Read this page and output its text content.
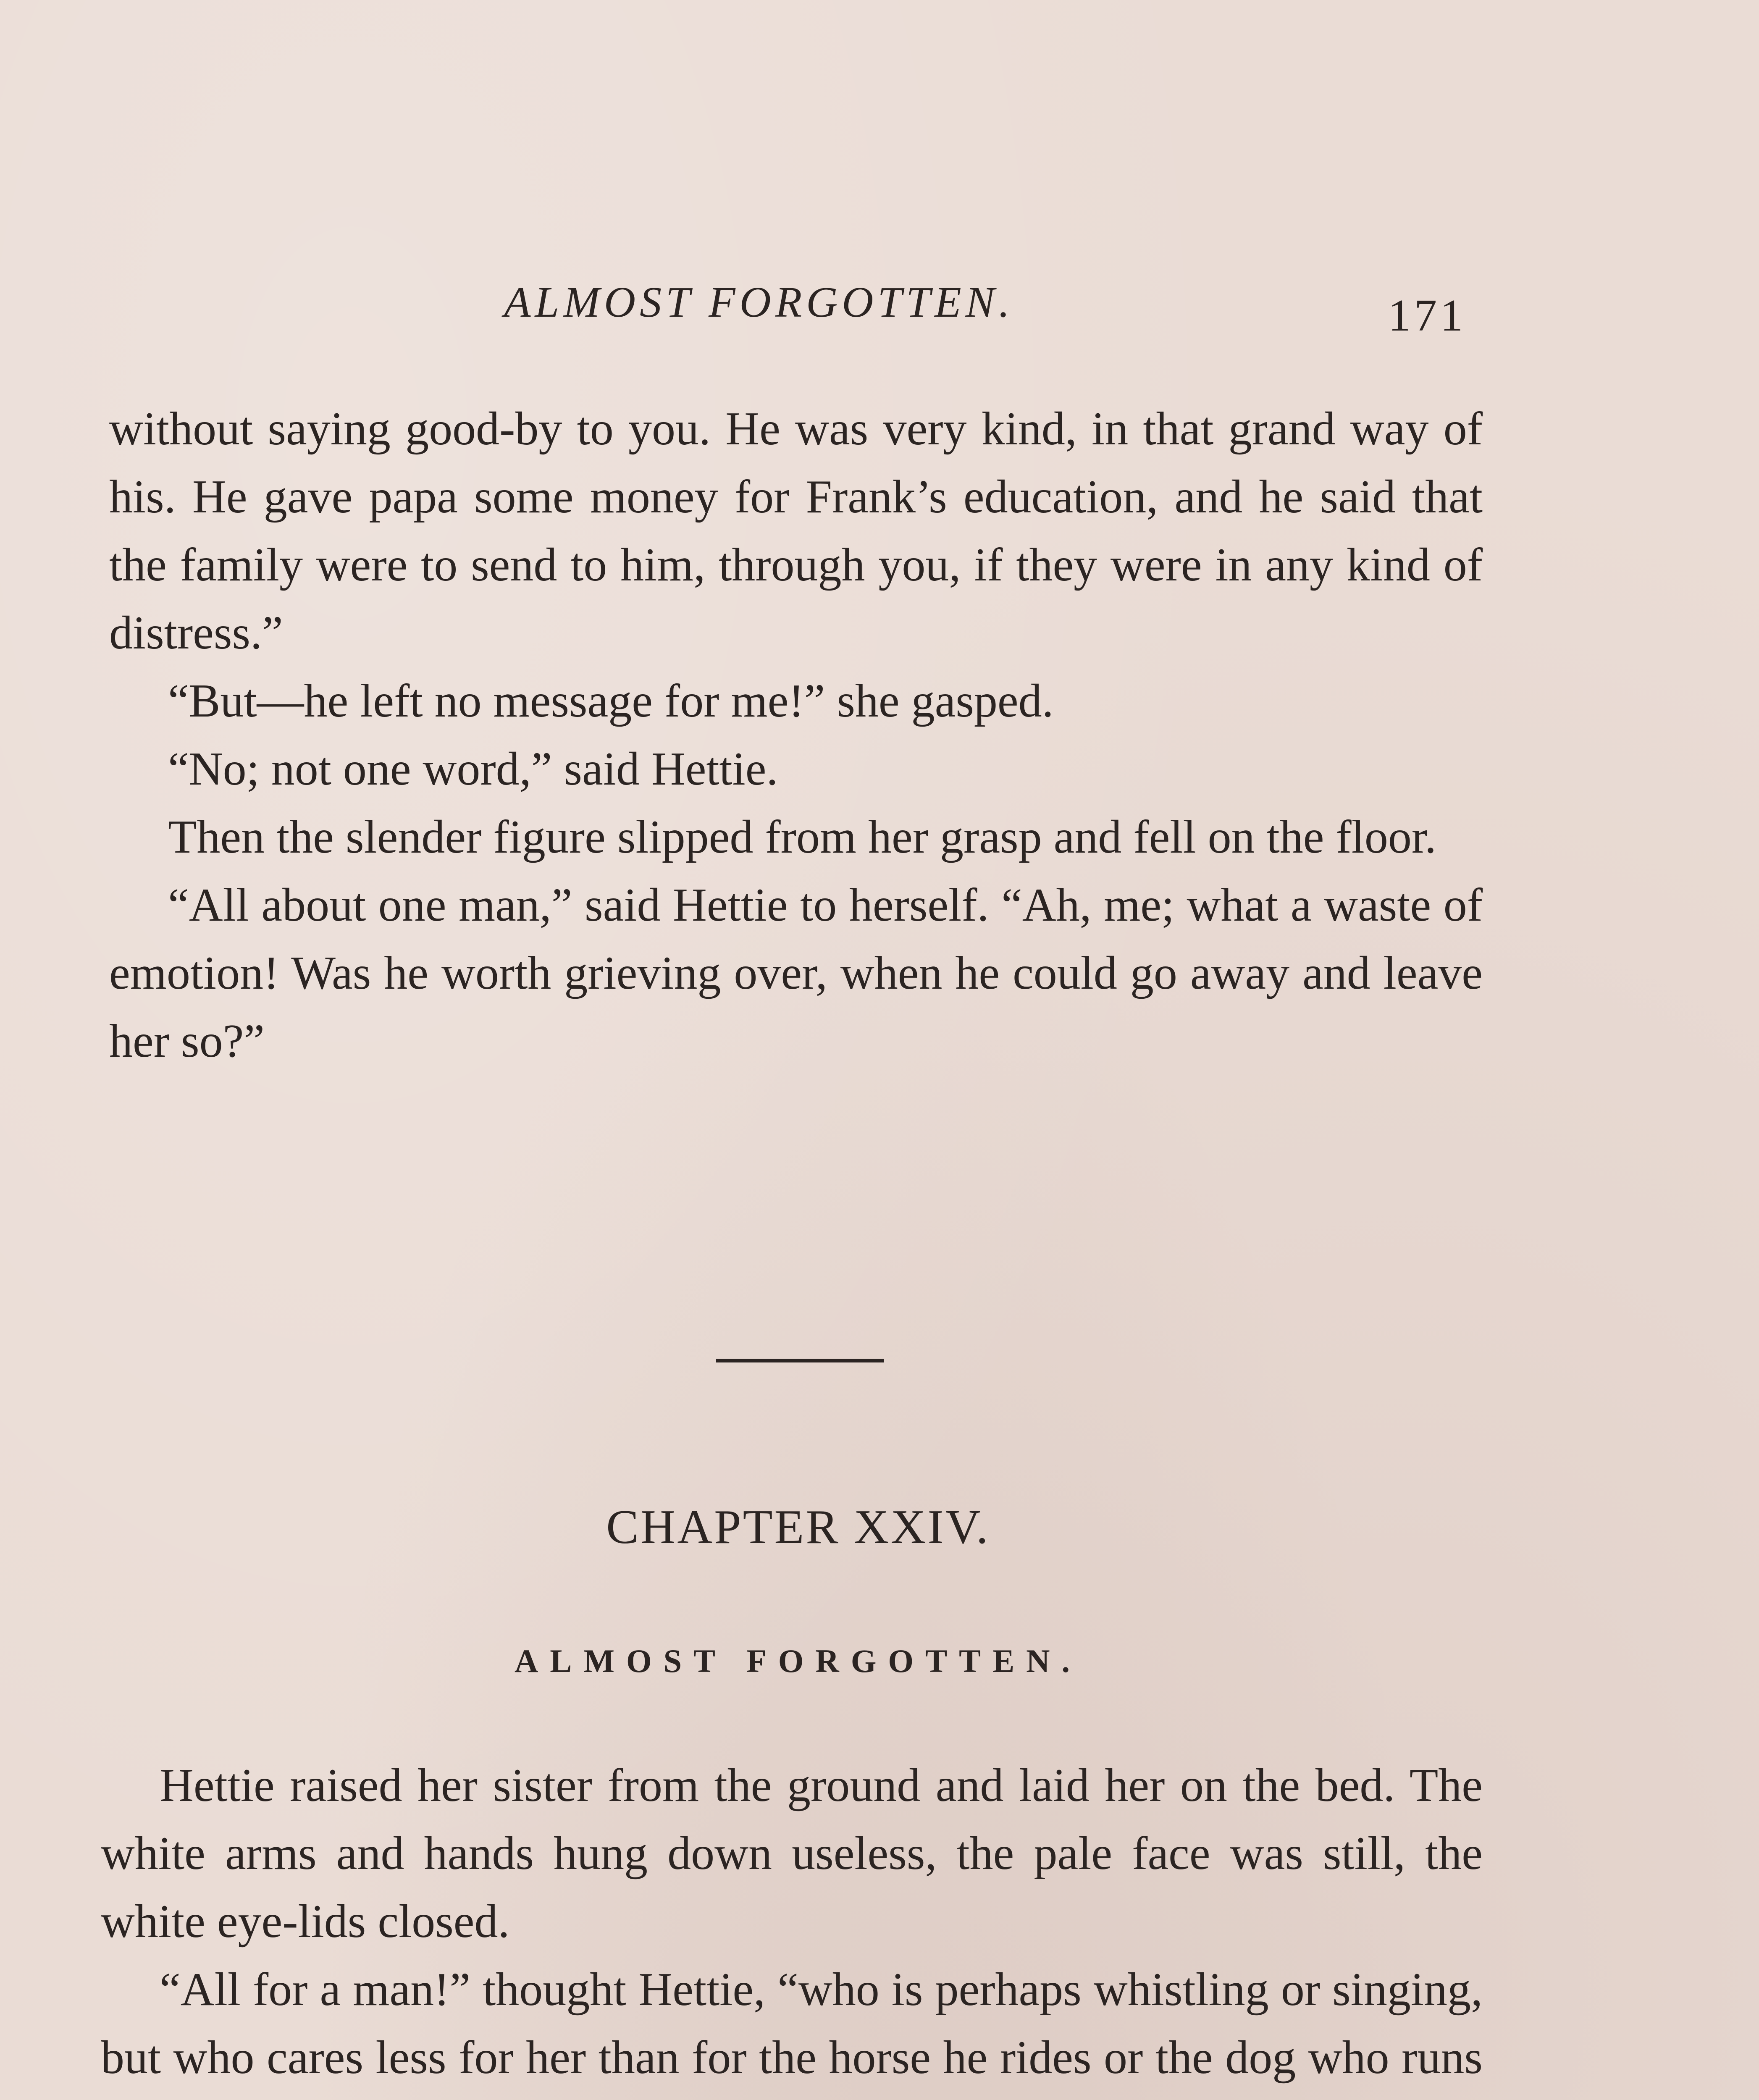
ALMOST FORGOTTEN.	171

without saying good-by to you. He was very kind, in that grand way of his. He gave papa some money for Frank’s education, and he said that the family were to send to him, through you, if they were in any kind of distress.”

“But—he left no message for me!” she gasped.

“No; not one word,” said Hettie.

Then the slender figure slipped from her grasp and fell on the floor.

“All about one man,” said Hettie to herself. “Ah, me; what a waste of emotion! Was he worth grieving over, when he could go away and leave her so?”

CHAPTER XXIV.
ALMOST FORGOTTEN.

Hettie raised her sister from the ground and laid her on the bed. The white arms and hands hung down useless, the pale face was still, the white eye-lids closed.

“All for a man!” thought Hettie, “who is perhaps whistling or singing, but who cares less for her than for the horse he rides or the dog who runs
